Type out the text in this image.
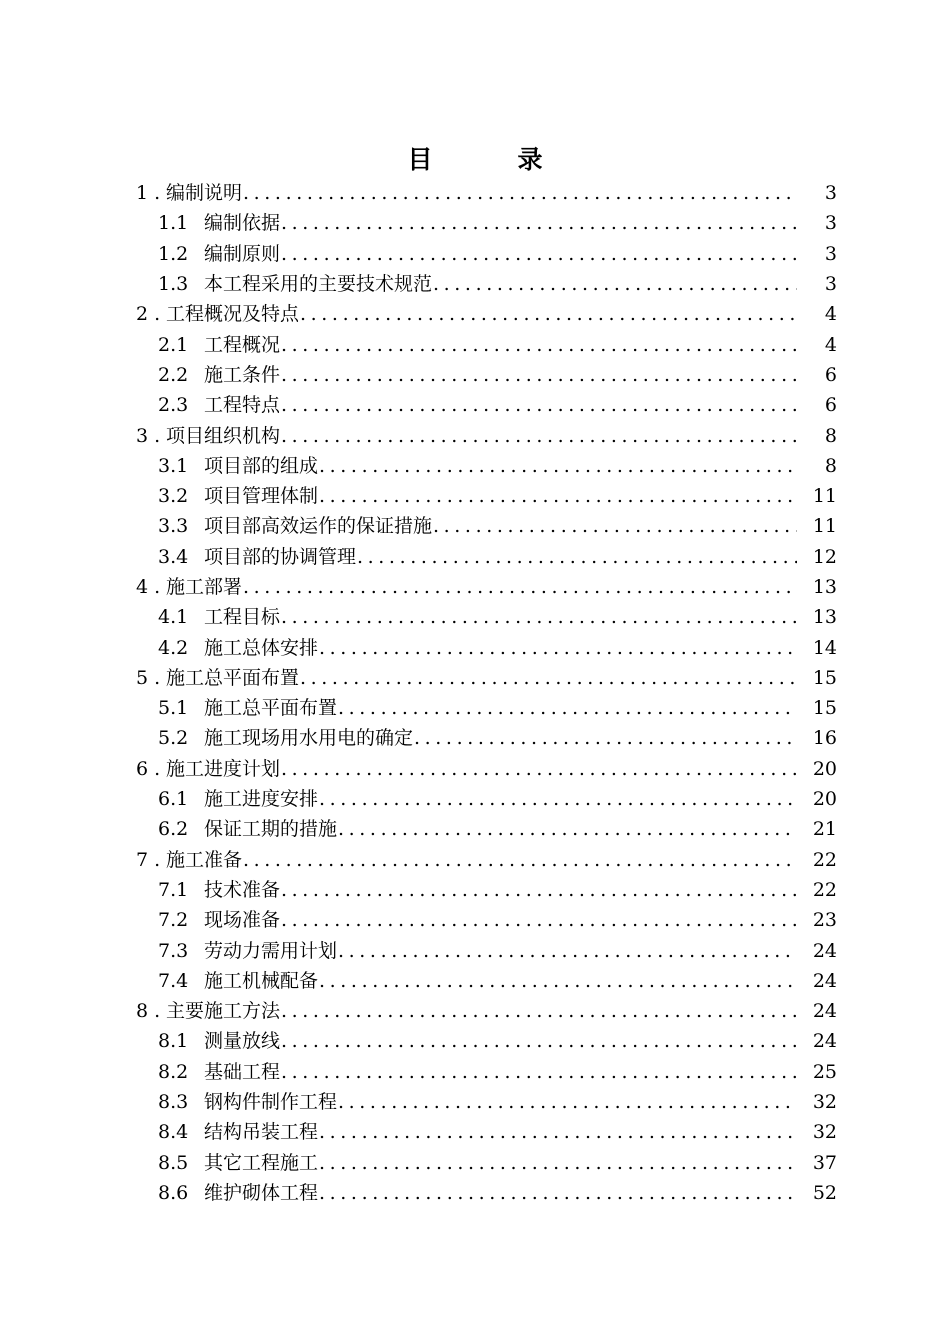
目　录
1 . 编制说明 .....	3
1.1 编制依据 .....	3
1.2 编制原则 .....	3
1.3 本工程采用的主要技术规范 .....	3
2 . 工程概况及特点 .....	4
2.1 工程概况 .....	4
2.2 施工条件 .....	6
2.3 工程特点 .....	6
3 . 项目组织机构 .....	8
3.1 项目部的组成 .....	8
3.2 项目管理体制 .....	11
3.3 项目部高效运作的保证措施 .....	11
3.4 项目部的协调管理 .....	12
4 . 施工部署 .....	13
4.1 工程目标 .....	13
4.2 施工总体安排 .....	14
5 . 施工总平面布置 .....	15
5.1 施工总平面布置 .....	15
5.2 施工现场用水用电的确定 .....	16
6 . 施工进度计划 .....	20
6.1 施工进度安排 .....	20
6.2 保证工期的措施 .....	21
7 . 施工准备 .....	22
7.1 技术准备 .....	22
7.2 现场准备 .....	23
7.3 劳动力需用计划 .....	24
7.4 施工机械配备 .....	24
8 . 主要施工方法 .....	24
8.1 测量放线 .....	24
8.2 基础工程 .....	25
8.3 钢构件制作工程 .....	32
8.4 结构吊装工程 .....	32
8.5 其它工程施工 .....	37
8.6 维护砌体工程 .....	52
